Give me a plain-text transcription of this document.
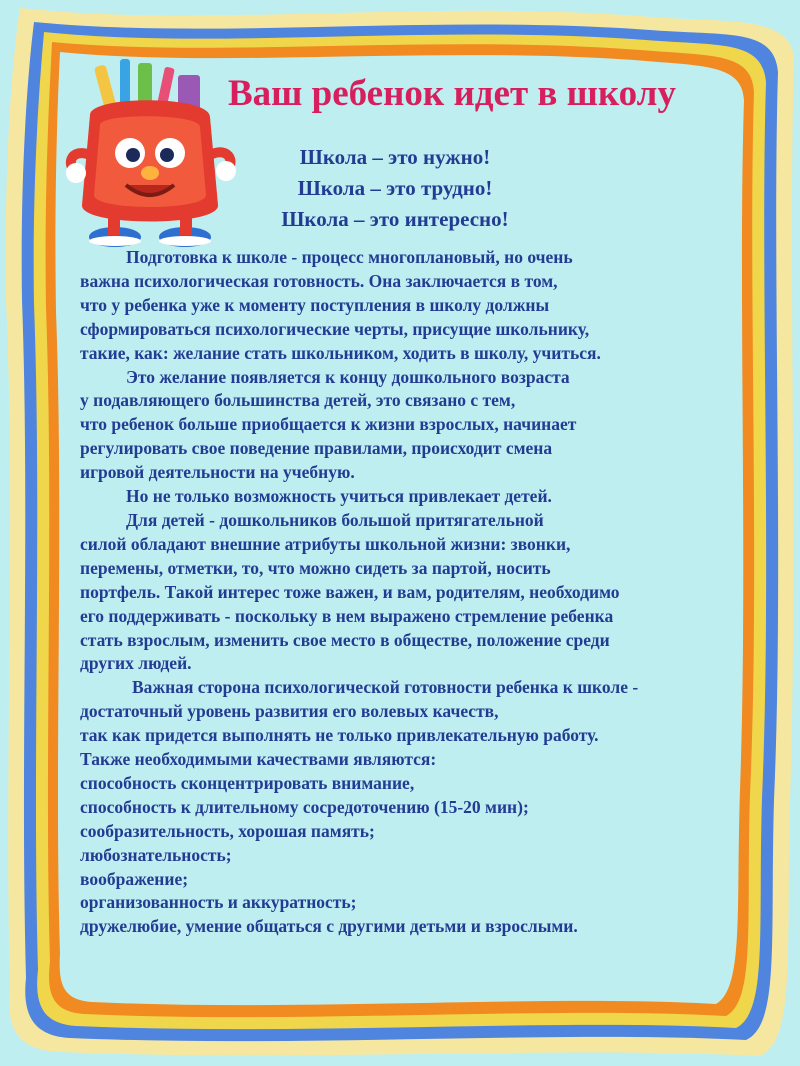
Ваш ребенок идет в школу
Школа – это нужно!
Школа – это трудно!
Школа – это интересно!
Подготовка к школе - процесс многоплановый, но очень
важна психологическая готовность. Она заключается в том,
что у ребенка уже к моменту поступления в школу должны
сформироваться психологические черты, присущие школьнику,
такие, как: желание стать школьником, ходить в школу, учиться.
Это желание появляется к концу дошкольного возраста
у подавляющего большинства детей, это связано с тем,
что ребенок больше приобщается к жизни взрослых, начинает
регулировать свое поведение правилами, происходит смена
игровой деятельности на учебную.
Но не только возможность учиться привлекает детей.
Для детей - дошкольников большой притягательной
силой обладают внешние атрибуты школьной жизни: звонки,
перемены, отметки, то, что можно сидеть за партой, носить
портфель. Такой интерес тоже важен, и вам, родителям, необходимо
его поддерживать - поскольку в нем выражено стремление ребенка
стать взрослым, изменить свое место в обществе, положение среди
других людей.
Важная сторона психологической готовности ребенка к школе -
достаточный уровень развития его волевых качеств,
так как придется выполнять не только привлекательную работу.
Также необходимыми качествами являются:
способность сконцентрировать внимание,
способность к длительному сосредоточению (15-20 мин);
сообразительность, хорошая память;
любознательность;
воображение;
организованность и аккуратность;
дружелюбие, умение общаться с другими детьми и взрослыми.
